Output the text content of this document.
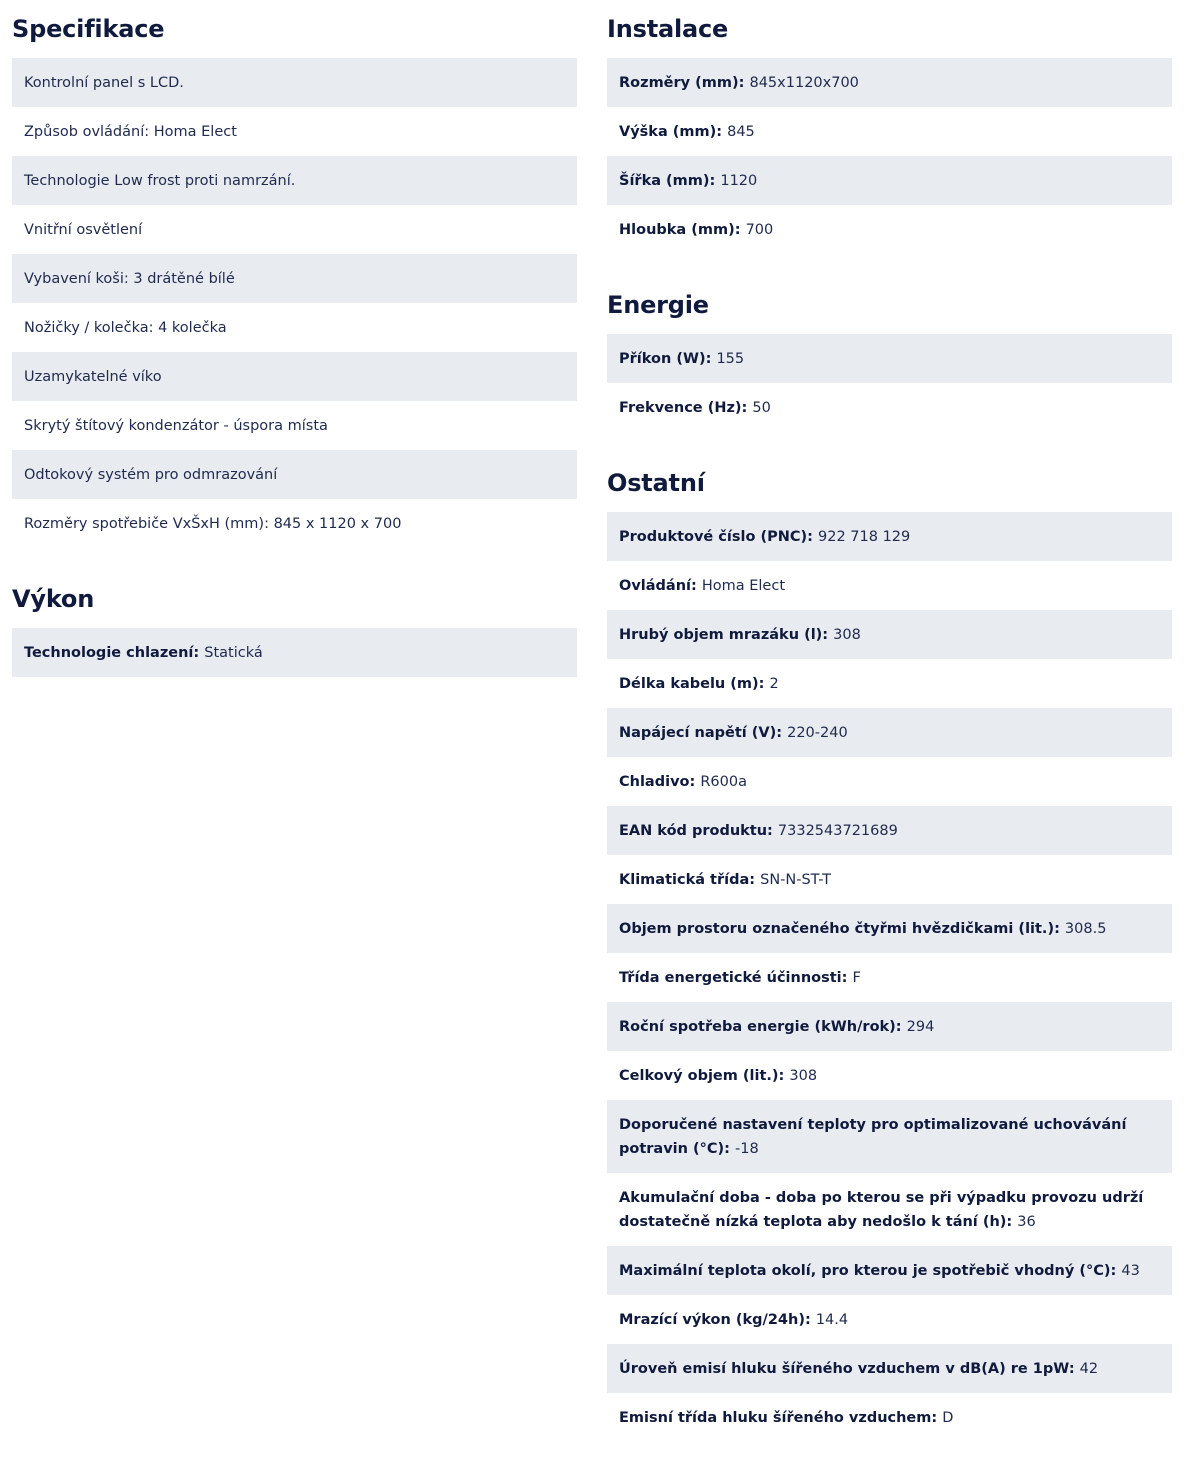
Specifikace
Kontrolní panel s LCD.
Způsob ovládání: Homa Elect
Technologie Low frost proti namrzání.
Vnitřní osvětlení
Vybavení koši: 3 drátěné bílé
Nožičky / kolečka: 4 kolečka
Uzamykatelné víko
Skrytý štítový kondenzátor - úspora místa
Odtokový systém pro odmrazování
Rozměry spotřebiče VxŠxH (mm): 845 x 1120 x 700
Výkon
Technologie chlazení: Statická
Instalace
Rozměry (mm): 845x1120x700
Výška (mm): 845
Šířka (mm): 1120
Hloubka (mm): 700
Energie
Příkon (W): 155
Frekvence (Hz): 50
Ostatní
Produktové číslo (PNC): 922 718 129
Ovládání: Homa Elect
Hrubý objem mrazáku (l): 308
Délka kabelu (m): 2
Napájecí napětí (V): 220-240
Chladivo: R600a
EAN kód produktu: 7332543721689
Klimatická třída: SN-N-ST-T
Objem prostoru označeného čtyřmi hvězdičkami (lit.): 308.5
Třída energetické účinnosti: F
Roční spotřeba energie (kWh/rok): 294
Celkový objem (lit.): 308
Doporučené nastavení teploty pro optimalizované uchovávání potravin (°C): -18
Akumulační doba - doba po kterou se při výpadku provozu udrží dostatečně nízká teplota aby nedošlo k tání (h): 36
Maximální teplota okolí, pro kterou je spotřebič vhodný (°C): 43
Mrazící výkon (kg/24h): 14.4
Úroveň emisí hluku šířeného vzduchem v dB(A) re 1pW: 42
Emisní třída hluku šířeného vzduchem: D
